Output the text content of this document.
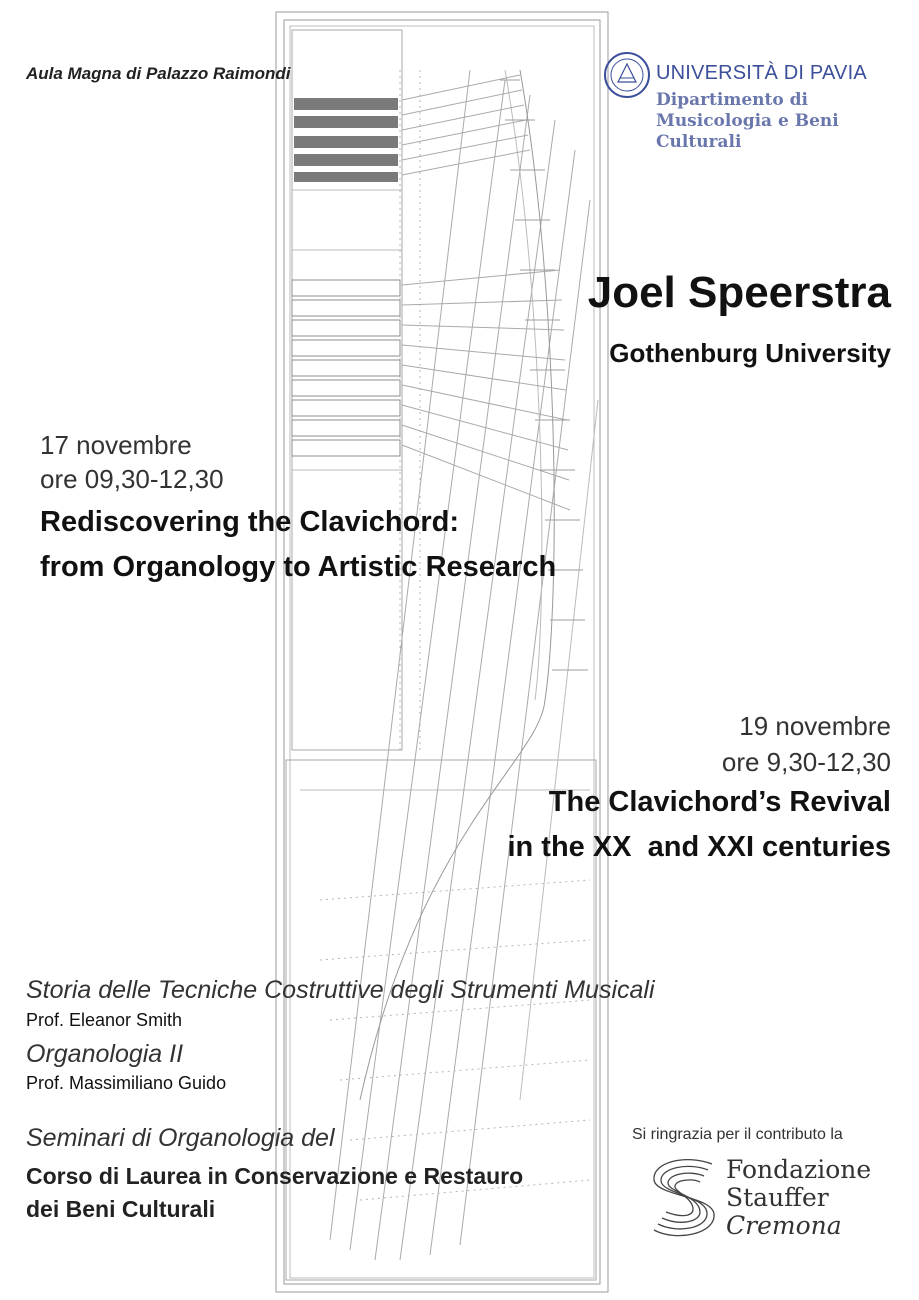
Aula Magna di Palazzo Raimondi	UNIVERSITÀ DI PAVIA
Dipartimento di
Musicologia e Beni Culturali
Joel Speerstra
Gothenburg University
17 novembre
ore 09,30-12,30
Rediscovering the Clavichord:
from Organology to Artistic Research
19 novembre
ore 9,30-12,30
The Clavichord’s Revival
in the XX  and XXI centuries
Storia delle Tecniche Costruttive degli Strumenti Musicali
Prof. Eleanor Smith
Organologia II
Prof. Massimiliano Guido
Seminari di Organologia del
Corso di Laurea in Conservazione e Restauro
dei Beni Culturali
Si ringrazia per il contributo la
Fondazione
Stauffer
Cremona
